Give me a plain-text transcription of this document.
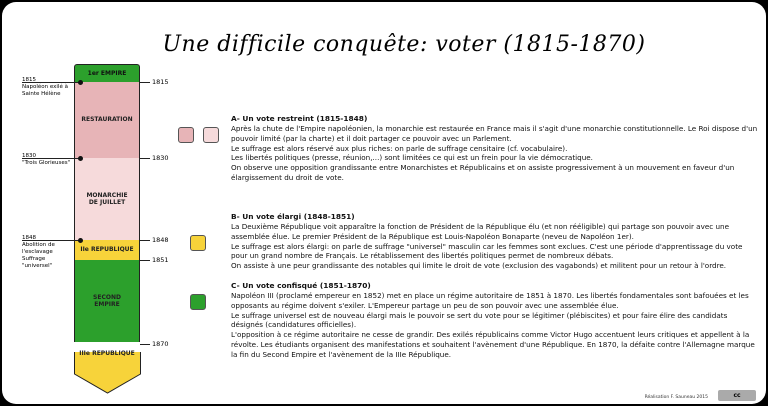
Une difficile conquête: voter (1815-1870)
1er EMPIRE
RESTAURATION
MONARCHIE DE JUILLET
IIe REPUBLIQUE
SECOND EMPIRE
IIIe REPUBLIQUE
1815
1830
1848
1851
1870
1815
Napoléon exilé à Sainte Hélène
1830
"Trois Glorieuses"
1848
Abolition de l'esclavage Suffrage "universel"
A- Un vote restreint (1815-1848)

Après la chute de l'Empire napoléonien, la monarchie est restaurée en France mais il s'agit d'une monarchie constitutionnelle. Le Roi dispose d'un pouvoir limité (par la charte) et il doit partager ce pouvoir avec un Parlement.

Le suffrage est alors réservé aux plus riches: on parle de suffrage censitaire (cf. vocabulaire).

Les libertés politiques (presse, réunion,...) sont limitées ce qui est un frein pour la vie démocratique.

On observe une opposition grandissante entre Monarchistes et Républicains et on assiste progressivement à un mouvement en faveur d'un élargissement du droit de vote.

B- Un vote élargi (1848-1851)

La Deuxième République voit apparaître la fonction de Président de la République élu (et non rééligible) qui partage son pouvoir avec une assemblée élue. Le premier Président de la République est Louis-Napoléon Bonaparte (neveu de Napoléon 1er).

Le suffrage est alors élargi: on parle de suffrage "universel" masculin car les femmes sont exclues. C'est une période d'apprentissage du vote pour un grand nombre de Français. Le rétablissement des libertés politiques permet de nombreux débats.

On assiste à une peur grandissante des notables qui limite le droit de vote (exclusion des vagabonds) et militent pour un retour à l'ordre.

C- Un vote confisqué (1851-1870)

Napoléon III (proclamé empereur en 1852) met en place un régime autoritaire de 1851 à 1870. Les libertés fondamentales sont bafouées et les opposants au régime doivent s'exiler. L'Empereur partage un peu de son pouvoir avec une assemblée élue.

Le suffrage universel est de nouveau élargi mais le pouvoir se sert du vote pour se légitimer (plébiscites) et pour faire élire des candidats désignés (candidatures officielles).

L'opposition à ce régime autoritaire ne cesse de grandir. Des exilés républicains comme Victor Hugo accentuent leurs critiques et appellent à la révolte. Les étudiants organisent des manifestations et souhaitent l'avènement d'une République. En 1870, la défaite contre l'Allemagne marque la fin du Second Empire et l'avènement de la IIIe République.

Réalisation F. Sauneau 2015	cc
